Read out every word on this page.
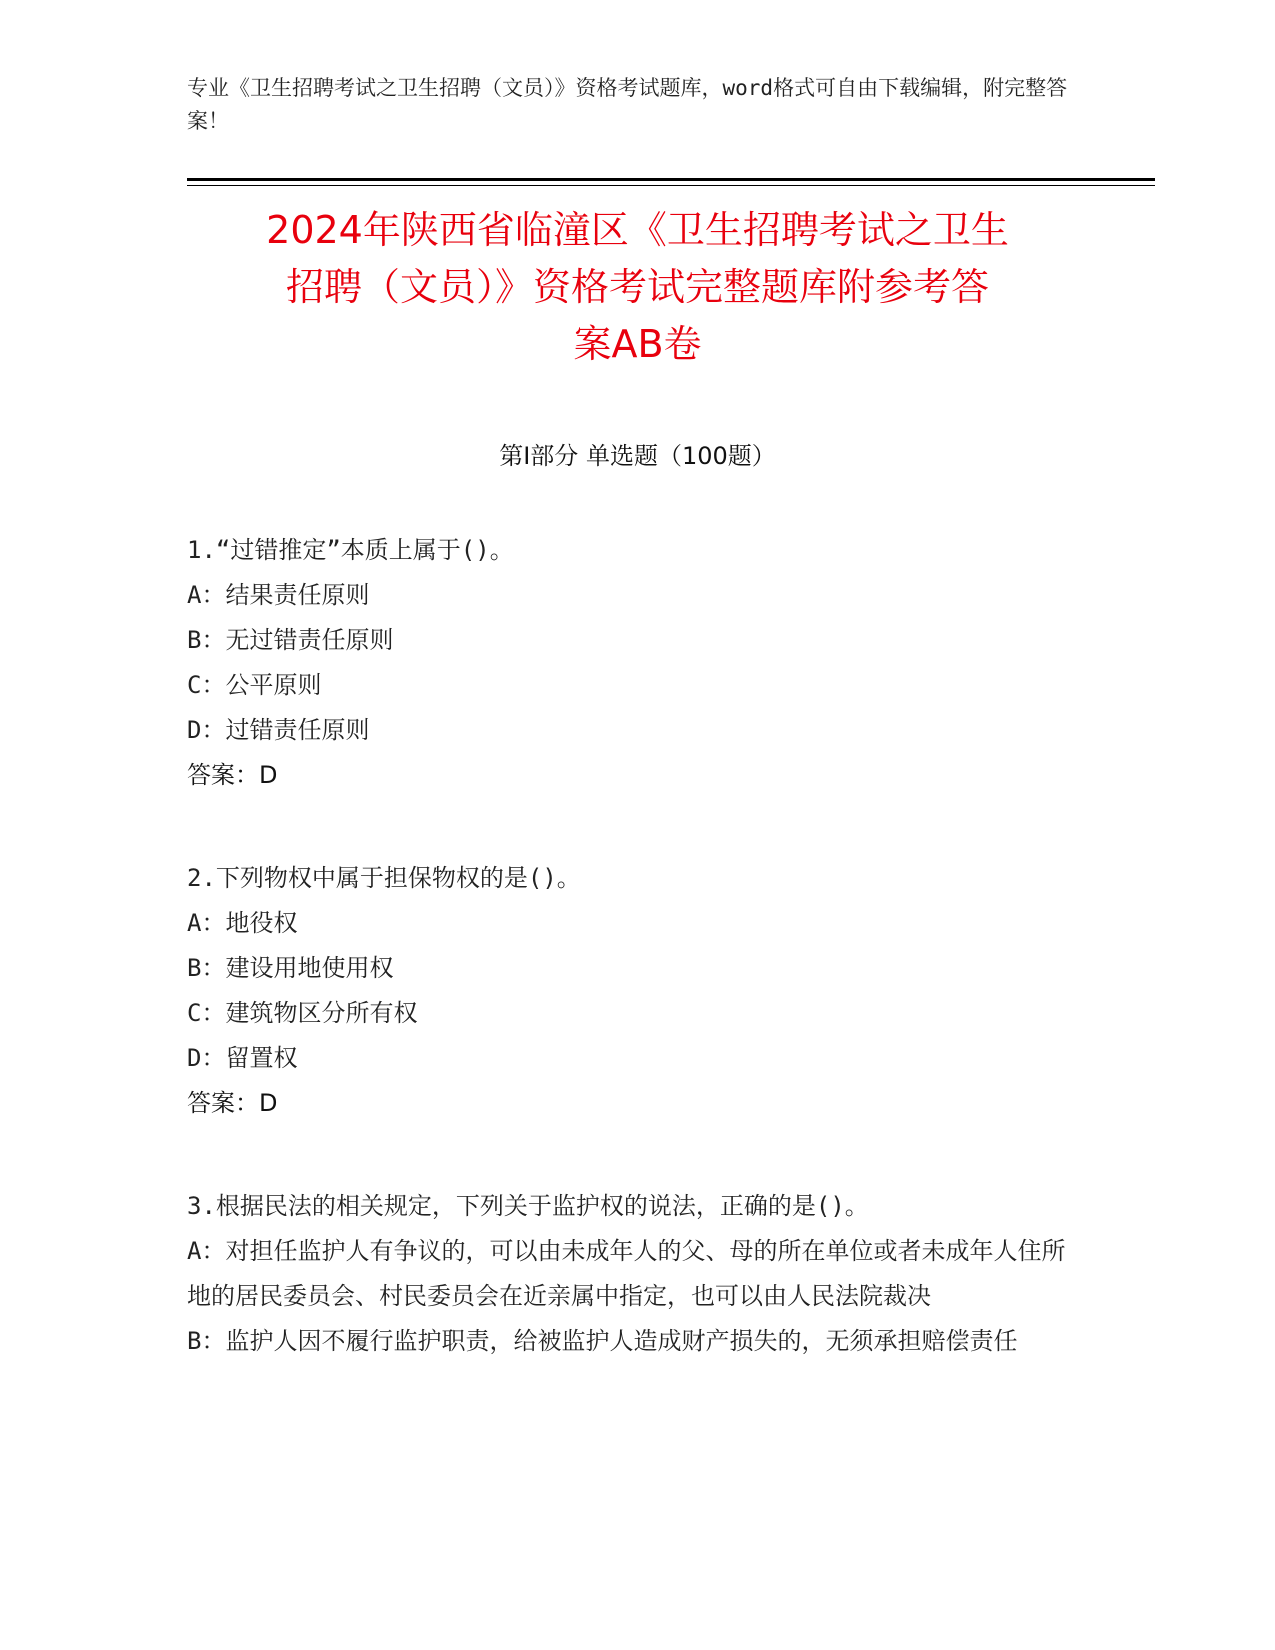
专业《卫生招聘考试之卫生招聘（文员）》资格考试题库，word格式可自由下载编辑，附完整答案！
2024年陕西省临潼区《卫生招聘考试之卫生
招聘（文员）》资格考试完整题库附参考答
案AB卷
第I部分 单选题（100题）
1.“过错推定”本质上属于()。
A： 结果责任原则
B： 无过错责任原则
C： 公平原则
D： 过错责任原则
答案：D
2.下列物权中属于担保物权的是()。
A： 地役权
B： 建设用地使用权
C： 建筑物区分所有权
D： 留置权
答案：D
3.根据民法的相关规定，下列关于监护权的说法，正确的是()。
A：对担任监护人有争议的，可以由未成年人的父、母的所在单位或者未成年人住所地的居民委员会、村民委员会在近亲属中指定，也可以由人民法院裁决
B：监护人因不履行监护职责，给被监护人造成财产损失的，无须承担赔偿责任
